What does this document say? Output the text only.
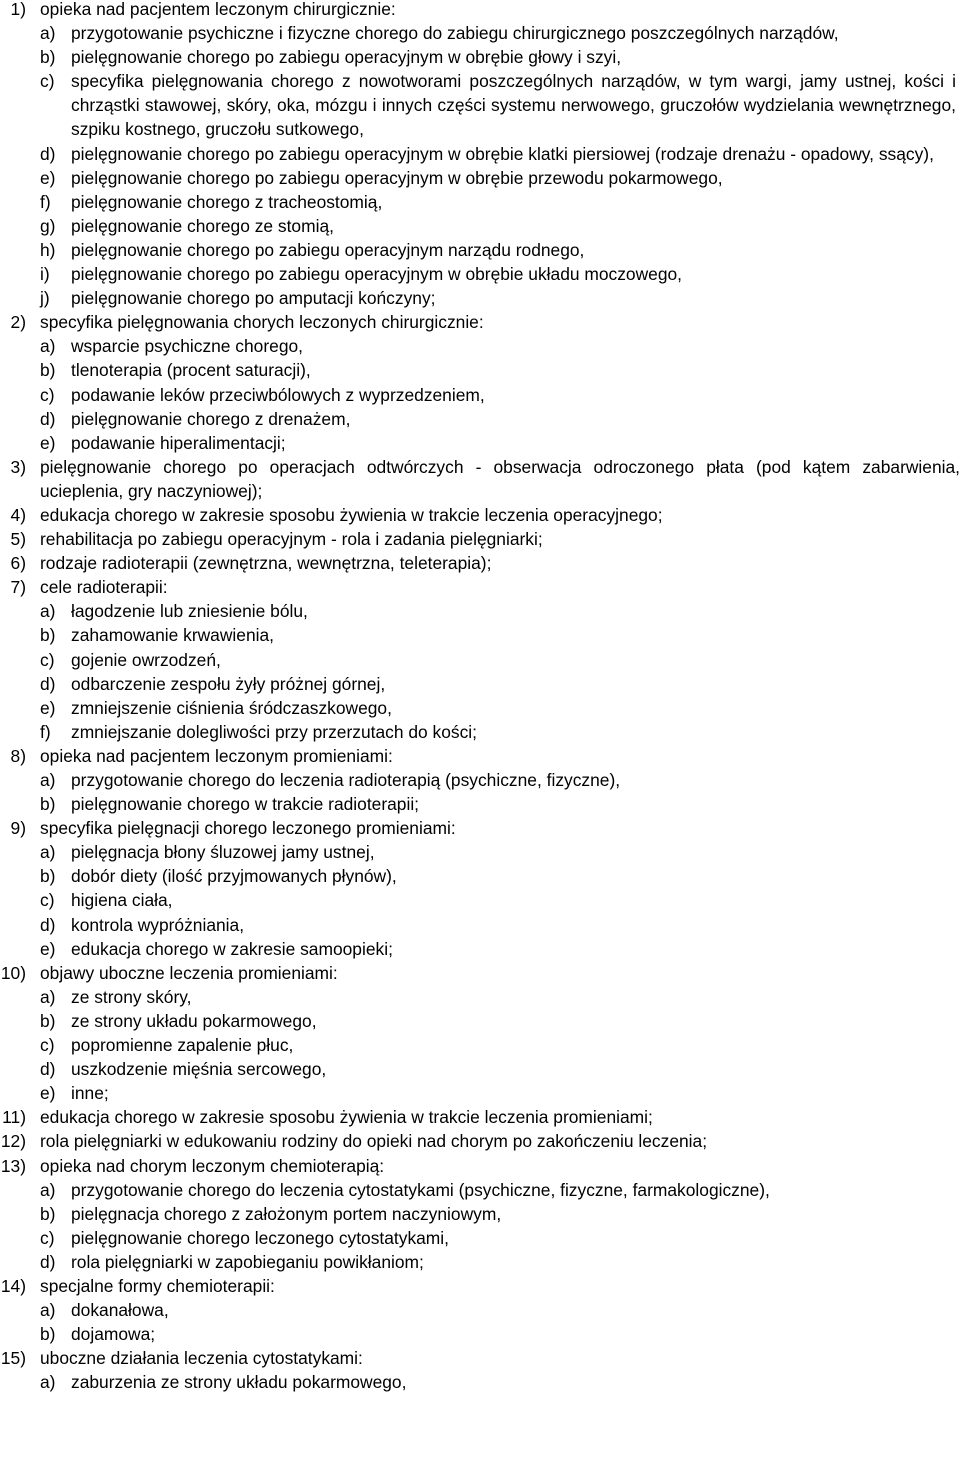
1) opieka nad pacjentem leczonym chirurgicznie:
a) przygotowanie psychiczne i fizyczne chorego do zabiegu chirurgicznego poszczególnych narządów,
b) pielęgnowanie chorego po zabiegu operacyjnym w obrębie głowy i szyi,
c) specyfika pielęgnowania chorego z nowotworami poszczególnych narządów, w tym wargi, jamy ustnej, kości i chrząstki stawowej, skóry, oka, mózgu i innych części systemu nerwowego, gruczołów wydzielania wewnętrznego, szpiku kostnego, gruczołu sutkowego,
d) pielęgnowanie chorego po zabiegu operacyjnym w obrębie klatki piersiowej (rodzaje drenażu - opadowy, ssący),
e) pielęgnowanie chorego po zabiegu operacyjnym w obrębie przewodu pokarmowego,
f)	pielęgnowanie chorego z tracheostomią,
g) pielęgnowanie chorego ze stomią,
h) pielęgnowanie chorego po zabiegu operacyjnym narządu rodnego,
i)	pielęgnowanie chorego po zabiegu operacyjnym w obrębie układu moczowego,
j)	pielęgnowanie chorego po amputacji kończyny;
2) specyfika pielęgnowania chorych leczonych chirurgicznie:
a) wsparcie psychiczne chorego,
b) tlenoterapia (procent saturacji),
c) podawanie leków przeciwbólowych z wyprzedzeniem,
d) pielęgnowanie chorego z drenażem,
e) podawanie hiperalimentacji;
3) pielęgnowanie chorego po operacjach odtwórczych - obserwacja odroczonego płata (pod kątem zabarwienia, ucieplenia, gry naczyniowej);
4) edukacja chorego w zakresie sposobu żywienia w trakcie leczenia operacyjnego;
5) rehabilitacja po zabiegu operacyjnym - rola i zadania pielęgniarki;
6) rodzaje radioterapii (zewnętrzna, wewnętrzna, teleterapia);
7) cele radioterapii:
a) łagodzenie lub zniesienie bólu,
b) zahamowanie krwawienia,
c) gojenie owrzodzeń,
d) odbarczenie zespołu żyły próżnej górnej,
e) zmniejszenie ciśnienia śródczaszkowego,
f)	zmniejszanie dolegliwości przy przerzutach do kości;
8) opieka nad pacjentem leczonym promieniami:
a) przygotowanie chorego do leczenia radioterapią (psychiczne, fizyczne),
b) pielęgnowanie chorego w trakcie radioterapii;
9) specyfika pielęgnacji chorego leczonego promieniami:
a) pielęgnacja błony śluzowej jamy ustnej,
b) dobór diety (ilość przyjmowanych płynów),
c) higiena ciała,
d) kontrola wypróżniania,
e) edukacja chorego w zakresie samoopieki;
10) objawy uboczne leczenia promieniami:
a) ze strony skóry,
b) ze strony układu pokarmowego,
c) popromienne zapalenie płuc,
d) uszkodzenie mięśnia sercowego,
e) inne;
11) edukacja chorego w zakresie sposobu żywienia w trakcie leczenia promieniami;
12) rola pielęgniarki w edukowaniu rodziny do opieki nad chorym po zakończeniu leczenia;
13) opieka nad chorym leczonym chemioterapią:
a) przygotowanie chorego do leczenia cytostatykami (psychiczne, fizyczne, farmakologiczne),
b) pielęgnacja chorego z założonym portem naczyniowym,
c) pielęgnowanie chorego leczonego cytostatykami,
d) rola pielęgniarki w zapobieganiu powikłaniom;
14) specjalne formy chemioterapii:
a) dokanałowa,
b) dojamowa;
15) uboczne działania leczenia cytostatykami:
a) zaburzenia ze strony układu pokarmowego,
